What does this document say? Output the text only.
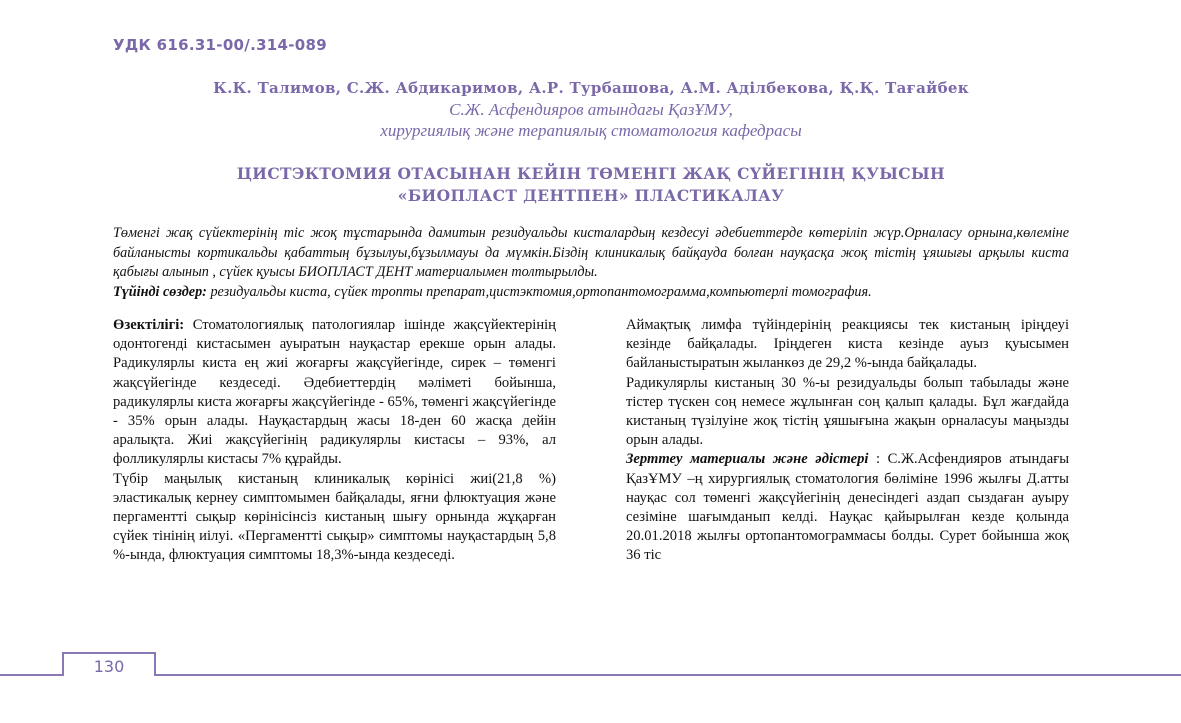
УДК 616.31-00/.314-089
К.К. Талимов, С.Ж. Абдикаримов, А.Р. Турбашова, А.М. Аділбекова, Қ.Қ. Тағайбек
С.Ж. Асфендияров атындағы ҚазҰМУ,
хирургиялық және терапиялық стоматология кафедрасы
ЦИСТЭКТОМИЯ ОТАСЫНАН КЕЙІН ТӨМЕНГІ ЖАҚ СҮЙЕГІНІҢ ҚУЫСЫН
«БИОПЛАСТ ДЕНТПЕН» ПЛАСТИКАЛАУ

Төменгі жақ сүйектерінің тіс жоқ тұстарында дамитын резидуальды кисталардың кездесуі әдебиеттерде көтеріліп жүр.Орналасу орнына,көлеміне байланысты кортикальды қабаттың бұзылуы,бұзылмауы да мүмкін.Біздің клиникалық байқауда болған науқасқа жоқ тістің ұяшығы арқылы киста қабығы алынып , сүйек қуысы БИОПЛАСТ ДЕНТ материалымен толтырылды.

Түйінді сөздер: резидуальды киста, сүйек тропты препарат,цистэктомия,ортопантомограмма,компьютерлі томография.

Өзектілігі: Стоматологиялық патологиялар ішінде жақсүйектерінің одонтогенді кистасымен ауыратын науқастар ерекше орын алады. Радикулярлы киста ең жиі жоғарғы жақсүйегінде, сирек – төменгі жақсүйегінде кездеседі. Әдебиеттердің мәліметі бойынша, радикулярлы киста жоғарғы жақсүйегінде - 65%, төменгі жақсүйегінде - 35% орын алады. Науқастардың жасы 18-ден 60 жасқа дейін аралықта. Жиі жақсүйегінің радикулярлы кистасы – 93%, ал фолликулярлы кистасы 7% құрайды.

Түбір маңылық кистаның клиникалық көрінісі жиі(21,8 %) эластикалық кернеу симптомымен байқалады, яғни флюктуация және пергаментті сықыр көрінісінсіз кистаның шығу орнында жұқарған сүйек тінінің иілуі. «Пергаментті сықыр» симптомы науқастардың 5,8 %-ында, флюктуация симптомы 18,3%-ында кездеседі.

Аймақтық лимфа түйіндерінің реакциясы тек кистаның іріңдеуі кезінде байқалады. Іріңдеген киста кезінде ауыз қуысымен байланыстыратын жыланкөз де 29,2 %-ында байқалады.

Радикулярлы кистаның 30 %-ы резидуальды болып табылады және тістер түскен соң немесе жұлынған соң қалып қалады. Бұл жағдайда кистаның түзілуіне жоқ тістің ұяшығына жақын орналасуы маңызды орын алады.

Зерттеу материалы және әдістері : С.Ж.Асфендияров атындағы ҚазҰМУ –ң хирургиялық стоматология бөліміне 1996 жылғы Д.атты науқас сол төменгі жақсүйегінің денесіндегі аздап сыздаған ауыру сезіміне шағымданып келді. Науқас қайырылған кезде қолында 20.01.2018 жылғы ортопантомограммасы болды. Сурет бойынша жоқ 36 тіс

130
